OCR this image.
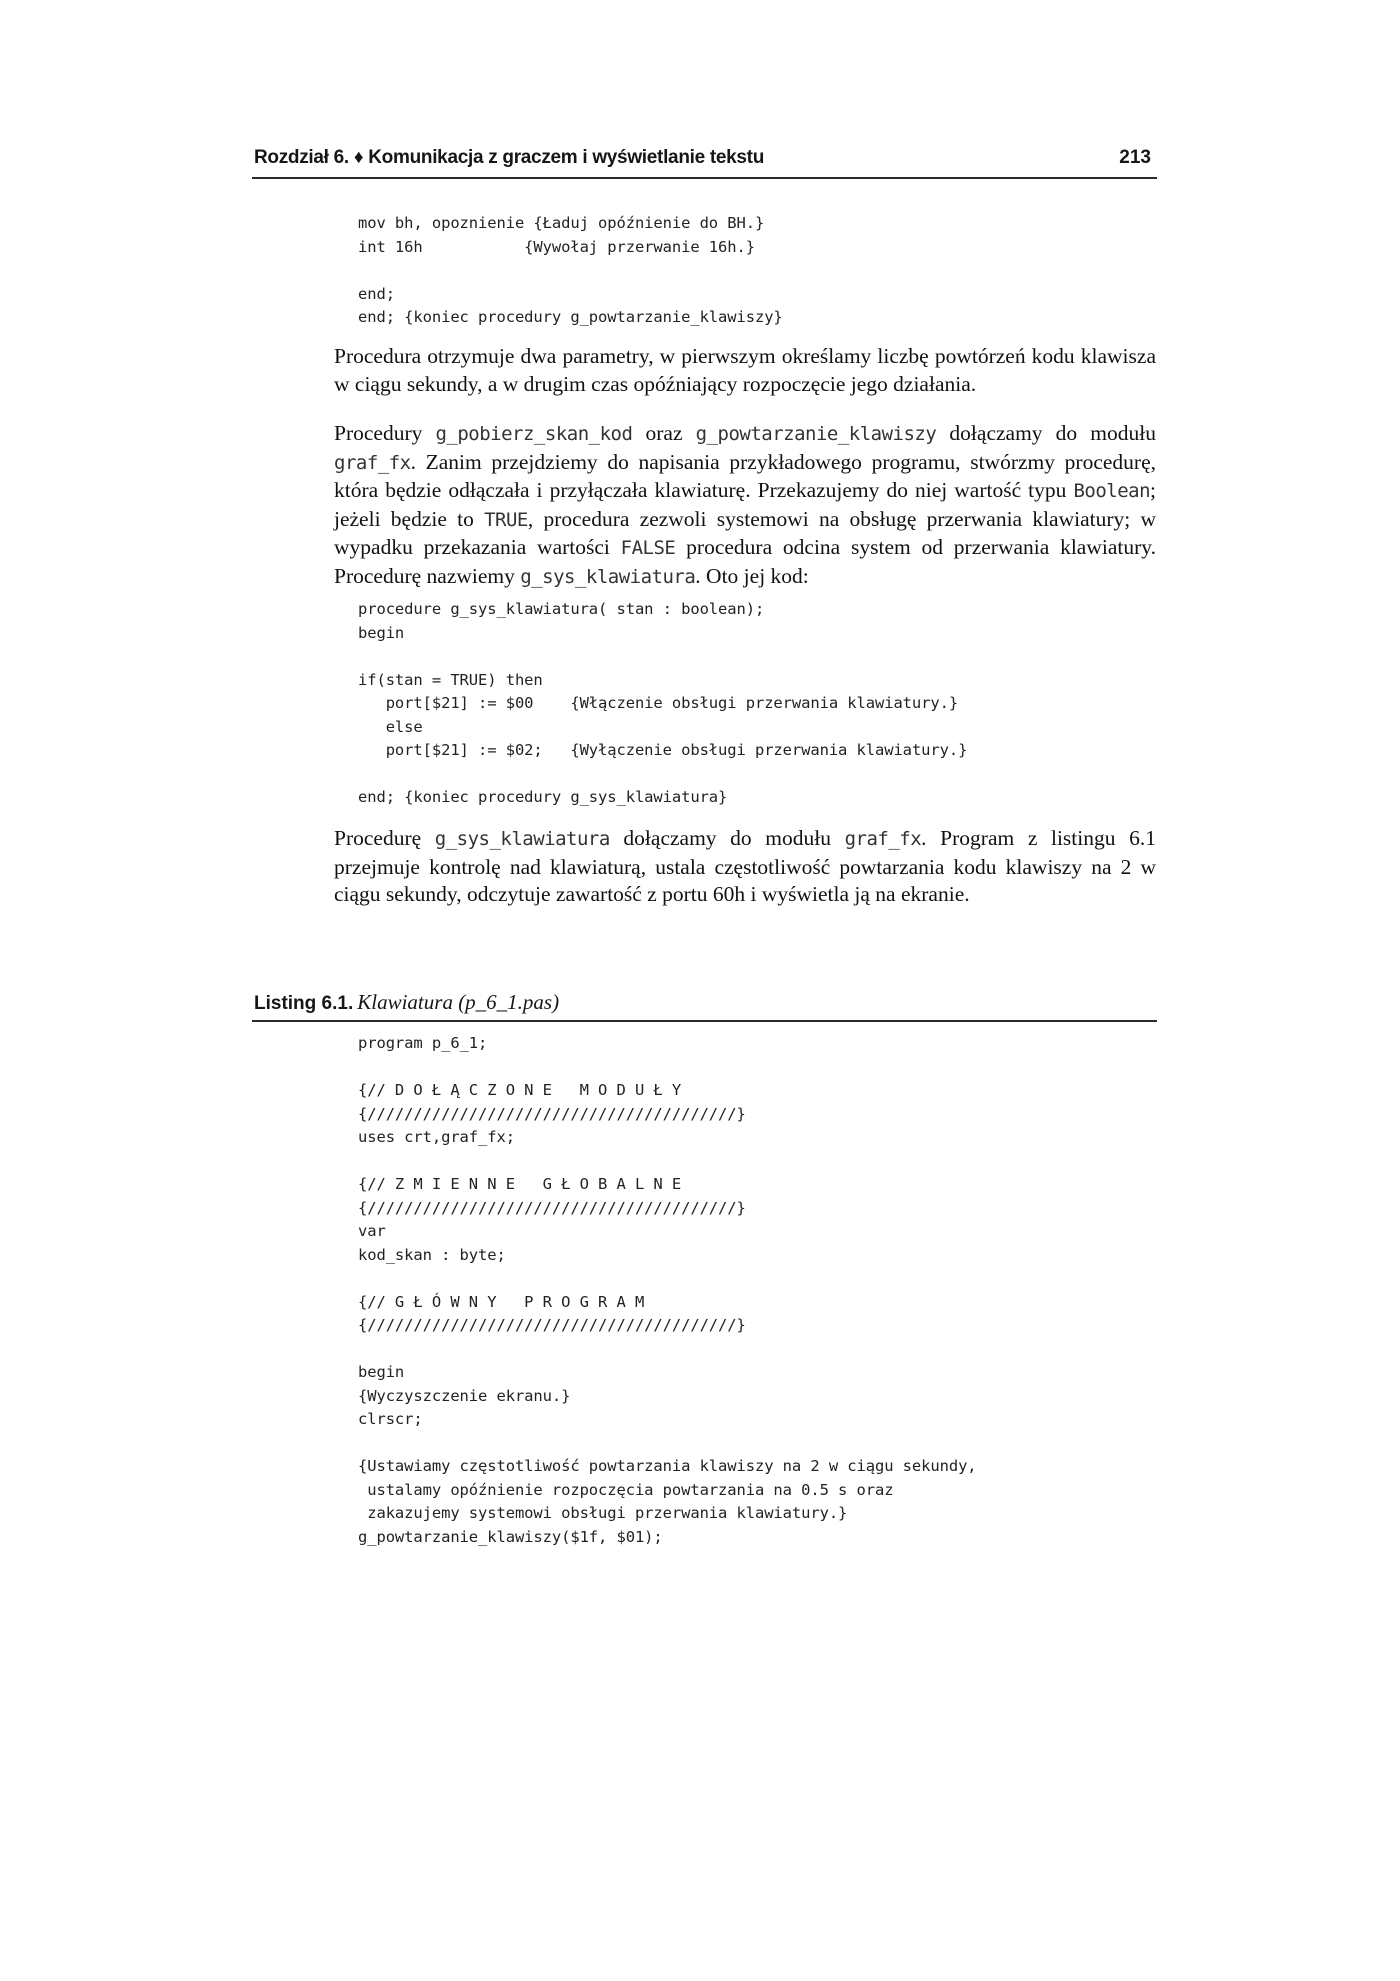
Rozdział 6. ♦ Komunikacja z graczem i wyświetlanie tekstu	213
mov bh, opoznienie {Ładuj opóźnienie do BH.}
int 16h           {Wywołaj przerwanie 16h.}

end;
end; {koniec procedury g_powtarzanie_klawiszy}

Procedura otrzymuje dwa parametry, w pierwszym określamy liczbę powtórzeń kodu klawisza w ciągu sekundy, a w drugim czas opóźniający rozpoczęcie jego działania.

Procedury g_pobierz_skan_kod oraz g_powtarzanie_klawiszy dołączamy do modułu graf_fx. Zanim przejdziemy do napisania przykładowego programu, stwórzmy procedurę, która będzie odłączała i przyłączała klawiaturę. Przekazujemy do niej wartość typu Boolean; jeżeli będzie to TRUE, procedura zezwoli systemowi na obsługę przerwania klawiatury; w wypadku przekazania wartości FALSE procedura odcina system od przerwania klawiatury. Procedurę nazwiemy g_sys_klawiatura. Oto jej kod:

procedure g_sys_klawiatura( stan : boolean);
begin

if(stan = TRUE) then
port[$21] := $00    {Włączenie obsługi przerwania klawiatury.}
else
port[$21] := $02;   {Wyłączenie obsługi przerwania klawiatury.}

end; {koniec procedury g_sys_klawiatura}

Procedurę g_sys_klawiatura dołączamy do modułu graf_fx. Program z listingu 6.1 przejmuje kontrolę nad klawiaturą, ustala częstotliwość powtarzania kodu klawiszy na 2 w ciągu sekundy, odczytuje zawartość z portu 60h i wyświetla ją na ekranie.

Listing 6.1. Klawiatura (p_6_1.pas)
program p_6_1;

{// D O Ł Ą C Z O N E   M O D U Ł Y
{////////////////////////////////////////}
uses crt,graf_fx;

{// Z M I E N N E   G Ł O B A L N E
{////////////////////////////////////////}
var
kod_skan : byte;

{// G Ł Ó W N Y   P R O G R A M
{////////////////////////////////////////}

begin
{Wyczyszczenie ekranu.}
clrscr;

{Ustawiamy częstotliwość powtarzania klawiszy na 2 w ciągu sekundy,
ustalamy opóźnienie rozpoczęcia powtarzania na 0.5 s oraz
zakazujemy systemowi obsługi przerwania klawiatury.}
g_powtarzanie_klawiszy($1f, $01);
